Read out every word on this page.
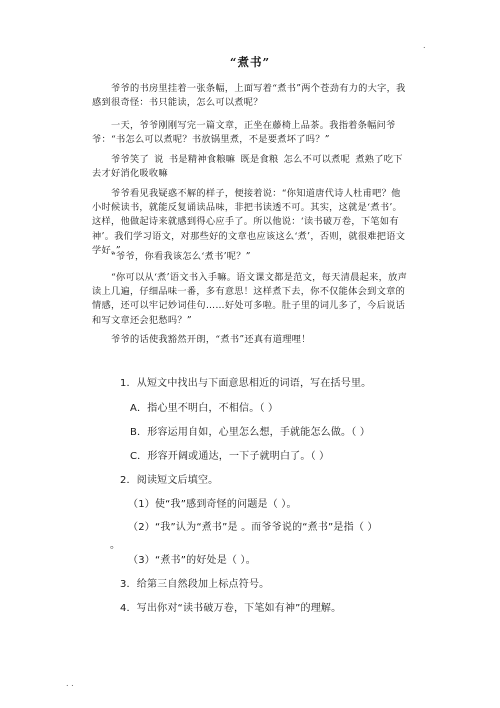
.
“煮书”
爷爷的书房里挂着一张条幅，上面写着“煮书”两个苍劲有力的大字，我感到很奇怪：书只能读，怎么可以煮呢？
一天，爷爷刚刚写完一篇文章，正坐在藤椅上品茶。我指着条幅问爷爷：“书怎么可以煮呢？书放锅里煮，不是要煮坏了吗？”
爷爷笑了 说 书是精神食粮嘛 既是食粮 怎么不可以煮呢 煮熟了吃下去才好消化吸收嘛
爷爷看见我疑惑不解的样子，便接着说：“你知道唐代诗人杜甫吧？他小时候读书，就能反复诵读品味，非把书读透不可。其实，这就是‘煮书’。这样，他做起诗来就感到得心应手了。所以他说：‘读书破万卷，下笔如有神’。我们学习语文，对那些好的文章也应该这么‘煮’，否则，就很难把语文学好。”
“爷爷，你看我该怎么‘煮书’呢？”
“你可以从‘煮’语文书入手嘛。语文课文都是范文，每天清晨起来，放声读上几遍，仔细品味一番，多有意思！这样煮下去，你不仅能体会到文章的情感，还可以牢记妙词佳句……好处可多啦。肚子里的词儿多了，今后说话和写文章还会犯愁吗？”
爷爷的话使我豁然开朗，“煮书”还真有道理哩！
1．从短文中找出与下面意思相近的词语，写在括号里。
A．指心里不明白，不相信。（ ）
B．形容运用自如，心里怎么想，手就能怎么做。（ ）
C．形容开阔或通达，一下子就明白了。（ ）
2．阅读短文后填空。
（1）使“我”感到奇怪的问题是（ ）。
（2）“我”认为“煮书”是 。而爷爷说的“煮书”是指（ ）
。
（3）“煮书”的好处是（ ）。
3．给第三自然段加上标点符号。
4．写出你对“读书破万卷，下笔如有神”的理解。
. .
